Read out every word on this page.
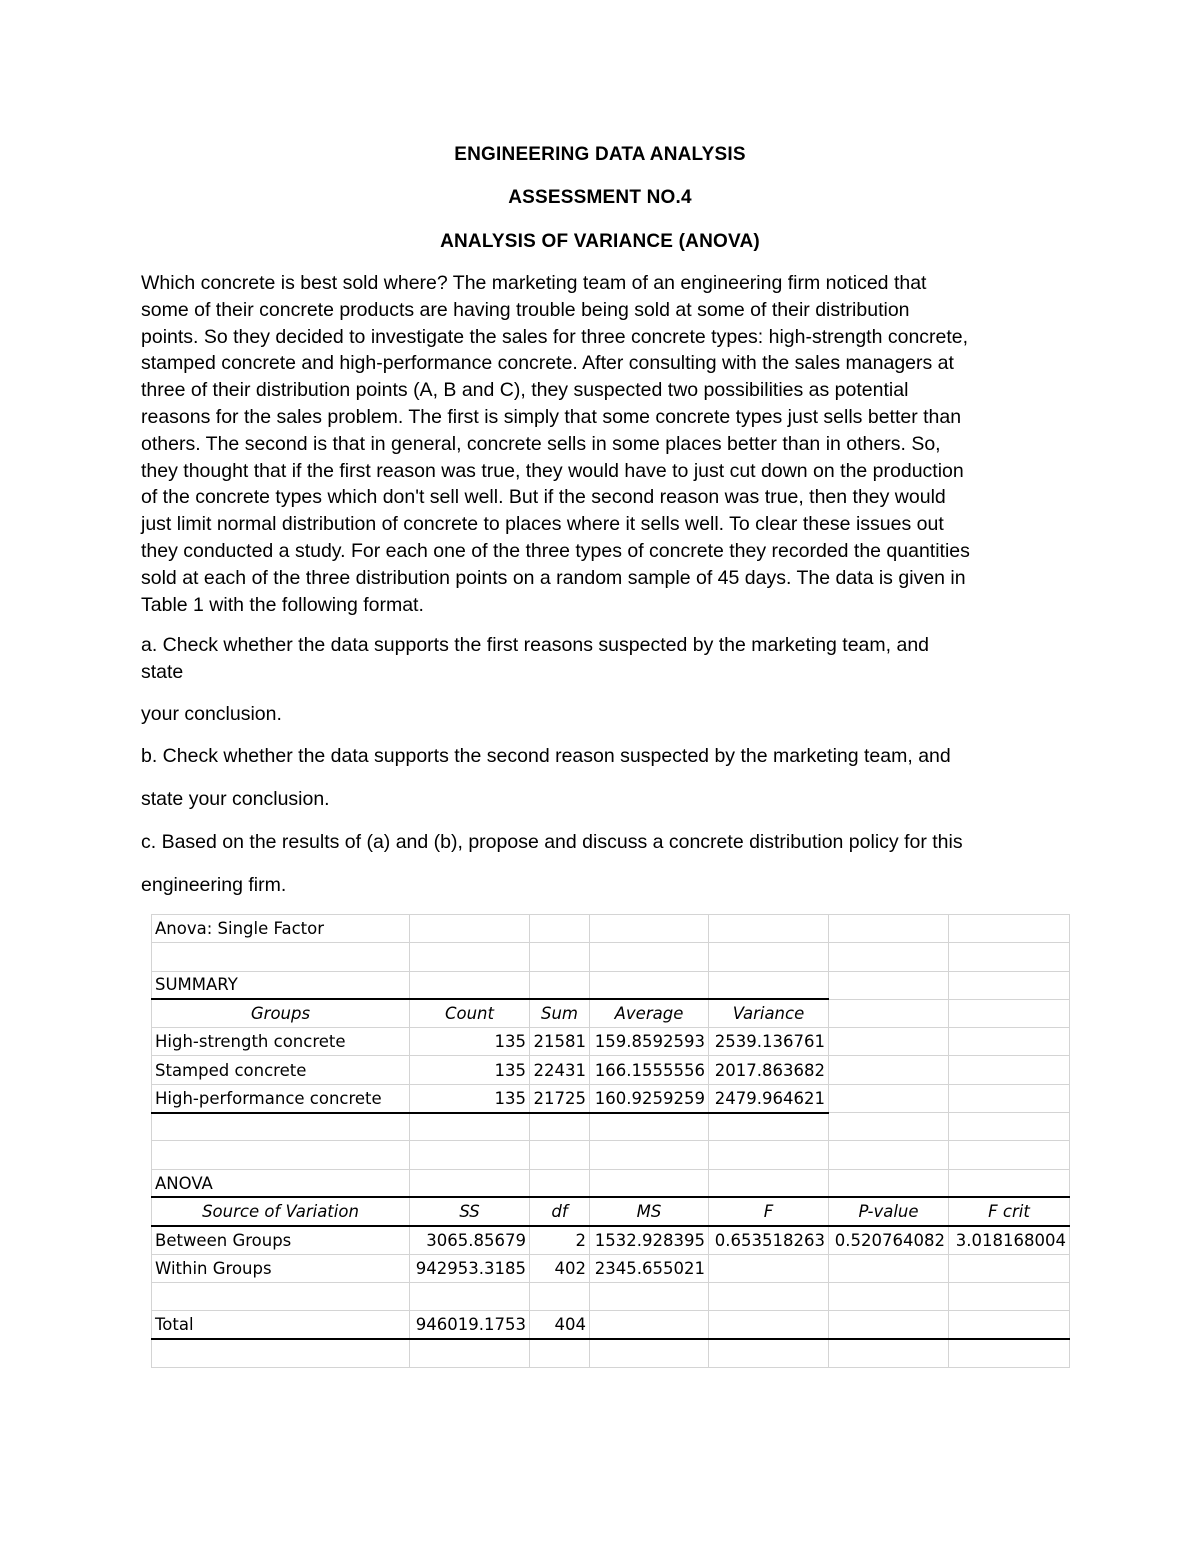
ENGINEERING DATA ANALYSIS
ASSESSMENT NO.4
ANALYSIS OF VARIANCE (ANOVA)
Which concrete is best sold where? The marketing team of an engineering firm noticed that
some of their concrete products are having trouble being sold at some of their distribution
points. So they decided to investigate the sales for three concrete types: high-strength concrete,
stamped concrete and high-performance concrete. After consulting with the sales managers at
three of their distribution points (A, B and C), they suspected two possibilities as potential
reasons for the sales problem. The first is simply that some concrete types just sells better than
others. The second is that in general, concrete sells in some places better than in others. So,
they thought that if the first reason was true, they would have to just cut down on the production
of the concrete types which don't sell well. But if the second reason was true, then they would
just limit normal distribution of concrete to places where it sells well. To clear these issues out
they conducted a study. For each one of the three types of concrete they recorded the quantities
sold at each of the three distribution points on a random sample of 45 days. The data is given in
Table 1 with the following format.
a. Check whether the data supports the first reasons suspected by the marketing team, and
state
your conclusion.
b. Check whether the data supports the second reason suspected by the marketing team, and
state your conclusion.
c. Based on the results of (a) and (b), propose and discuss a concrete distribution policy for this
engineering firm.
Anova: Single Factor						

SUMMARY						
Groups	Count	Sum	Average	Variance		
High-strength concrete	135	21581	159.8592593	2539.136761		
Stamped concrete	135	22431	166.1555556	2017.863682		
High-performance concrete	135	21725	160.9259259	2479.964621		

ANOVA						
Source of Variation	SS	df	MS	F	P-value	F crit
Between Groups	3065.85679	2	1532.928395	0.653518263	0.520764082	3.018168004
Within Groups	942953.3185	402	2345.655021			

Total	946019.1753	404				
